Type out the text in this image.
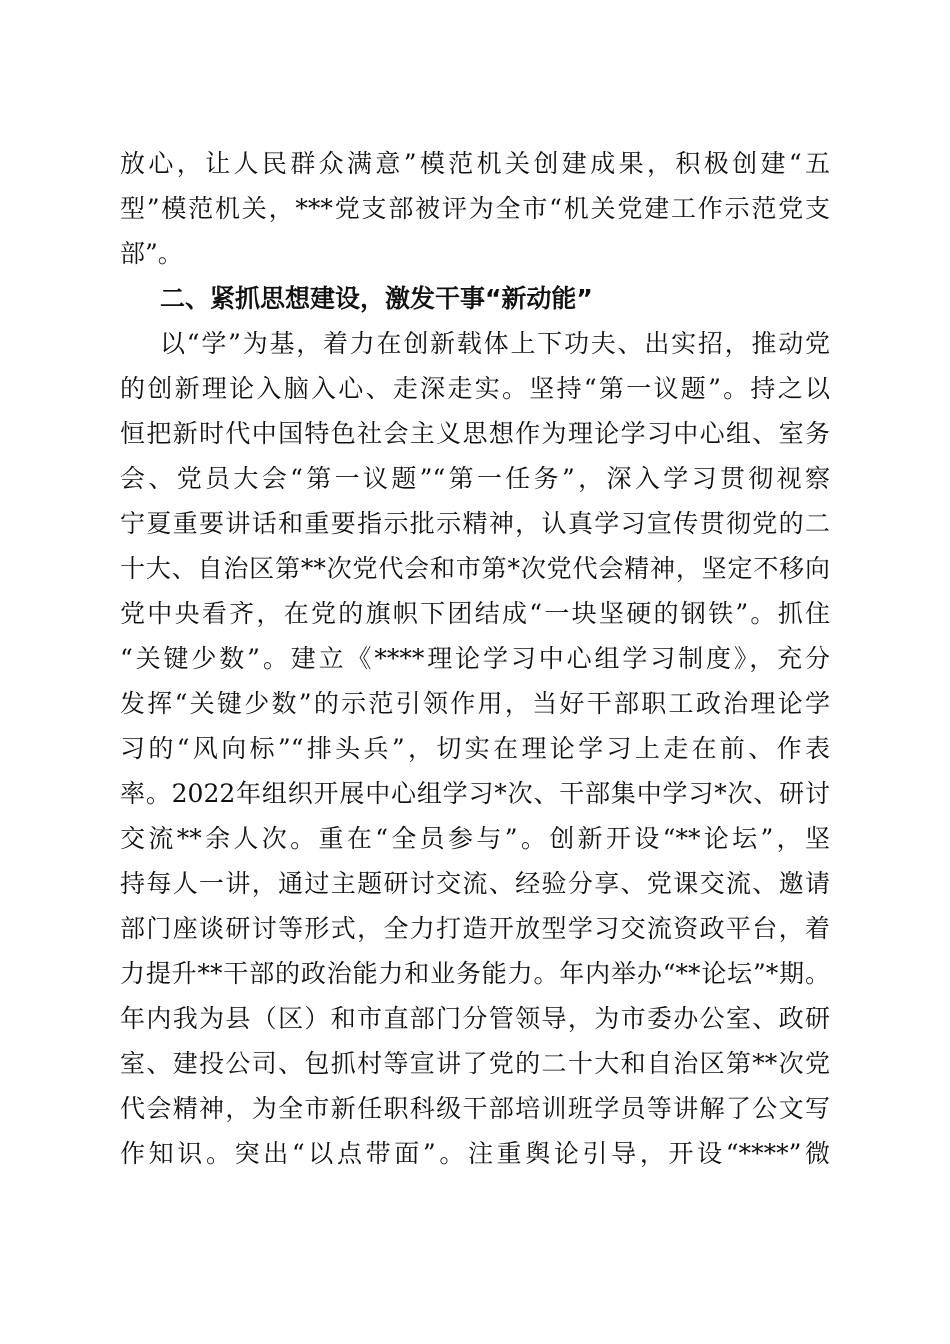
放心，让人民群众满意”模范机关创建成果，积极创建“五
型”模范机关，***党支部被评为全市“机关党建工作示范党支
部”。
二、紧抓思想建设，激发干事“新动能”
以“学”为基，着力在创新载体上下功夫、出实招，推动党
的创新理论入脑入心、走深走实。坚持“第一议题”。持之以
恒把新时代中国特色社会主义思想作为理论学习中心组、室务
会、党员大会“第一议题”“第一任务”，深入学习贯彻视察
宁夏重要讲话和重要指示批示精神，认真学习宣传贯彻党的二
十大、自治区第**次党代会和市第*次党代会精神，坚定不移向
党中央看齐，在党的旗帜下团结成“一块坚硬的钢铁”。抓住
“关键少数”。建立《****理论学习中心组学习制度》，充分
发挥“关键少数”的示范引领作用，当好干部职工政治理论学
习的“风向标”“排头兵”，切实在理论学习上走在前、作表
率。2022年组织开展中心组学习*次、干部集中学习*次、研讨
交流**余人次。重在“全员参与”。创新开设“**论坛”，坚
持每人一讲，通过主题研讨交流、经验分享、党课交流、邀请
部门座谈研讨等形式，全力打造开放型学习交流资政平台，着
力提升**干部的政治能力和业务能力。年内举办“**论坛”*期。
年内我为县（区）和市直部门分管领导，为市委办公室、政研
室、建投公司、包抓村等宣讲了党的二十大和自治区第**次党
代会精神，为全市新任职科级干部培训班学员等讲解了公文写
作知识。突出“以点带面”。注重舆论引导，开设“****”微
